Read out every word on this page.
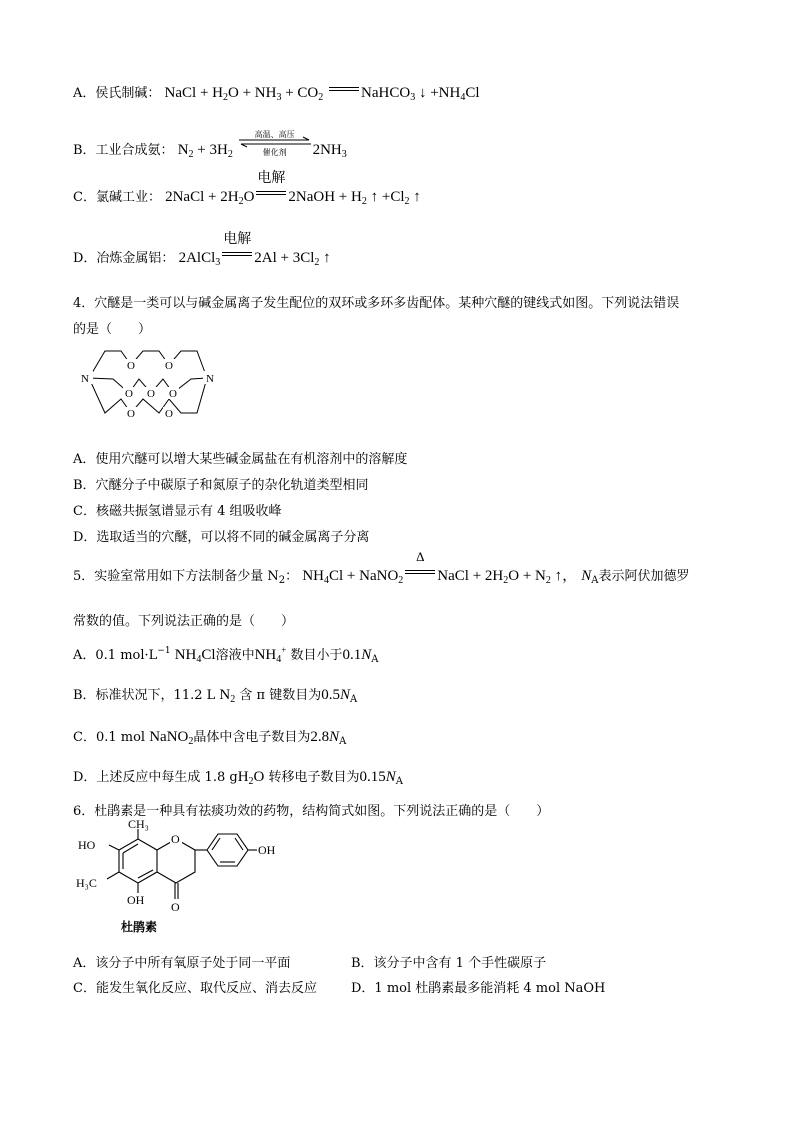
A．侯氏制碱： NaCl + $H_2O + NH_3 + CO_2$	NaHCO$_3$ ↓ $+NH_4Cl$
B．工业合成氨： $N_2 + 3H_2$
高温、高压
催化剂	$2NH_3$
C．氯碱工业： 2NaCl + $2H_2O$
电解
2NaOH + $H_2$ ↑ $+Cl_2$ ↑
D．冶炼金属铝： 2AlCl$_3$
电解
$2Al + 3Cl_2$ ↑
4．穴醚是一类可以与碱金属离子发生配位的双环或多环多齿配体。某种穴醚的键线式如图。下列说法错误
的是（　　）
N	N
O	O
O O O
O	O
A．使用穴醚可以增大某些碱金属盐在有机溶剂中的溶解度
B．穴醚分子中碳原子和氮原子的杂化轨道类型相同
C．核磁共振氢谱显示有 4 组吸收峰
D．选取适当的穴醚，可以将不同的碱金属离子分离
5．实验室常用如下方法制备少量 $N_2$： $NH_4Cl$ + NaNO$_2$
Δ
NaCl + $2H_2O + N_2$ ↑， $N_A$表示阿伏加德罗
常数的值。下列说法正确的是（　　）
A．0.1 $mol\cdot L^{-1}$ $NH_4Cl$溶液中$NH_4^+$ 数目小于$0.1N_A$
B．标准状况下，11.2 L $N_2$ 含 π 键数目为$0.5N_A$
C．0.1 mol NaNO$_2$晶体中含电子数目为$2.8N_A$
D．上述反应中每生成 1.8 $gH_2O$ 转移电子数目为$0.15N_A$
6．杜鹃素是一种具有祛痰功效的药物，结构简式如图。下列说法正确的是（　　）
O
CH₃
HO	OH
H₃C
OH O
杜鹃素
A．该分子中所有氧原子处于同一平面	B．该分子中含有 1 个手性碳原子
C．能发生氧化反应、取代反应、消去反应	D．1 mol 杜鹃素最多能消耗 4 mol NaOH
